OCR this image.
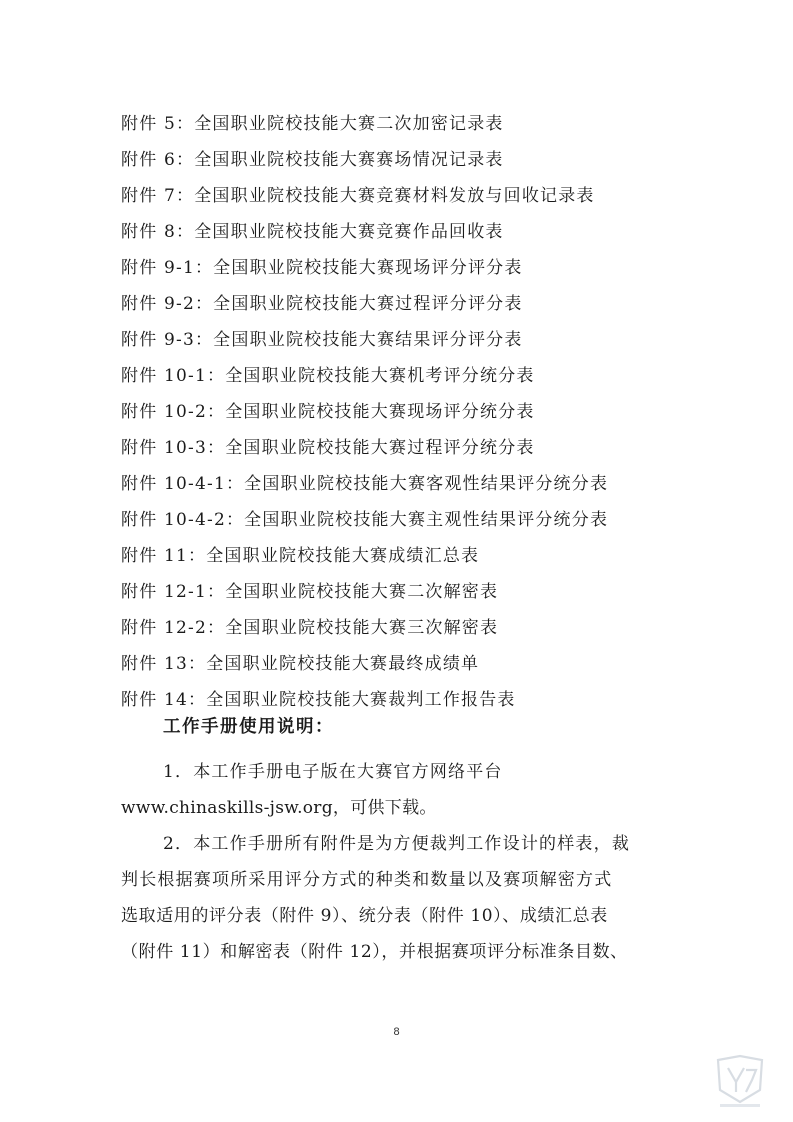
附件 5：全国职业院校技能大赛二次加密记录表
附件 6：全国职业院校技能大赛赛场情况记录表
附件 7：全国职业院校技能大赛竞赛材料发放与回收记录表
附件 8：全国职业院校技能大赛竞赛作品回收表
附件 9-1：全国职业院校技能大赛现场评分评分表
附件 9-2：全国职业院校技能大赛过程评分评分表
附件 9-3：全国职业院校技能大赛结果评分评分表
附件 10-1：全国职业院校技能大赛机考评分统分表
附件 10-2：全国职业院校技能大赛现场评分统分表
附件 10-3：全国职业院校技能大赛过程评分统分表
附件 10-4-1：全国职业院校技能大赛客观性结果评分统分表
附件 10-4-2：全国职业院校技能大赛主观性结果评分统分表
附件 11：全国职业院校技能大赛成绩汇总表
附件 12-1：全国职业院校技能大赛二次解密表
附件 12-2：全国职业院校技能大赛三次解密表
附件 13：全国职业院校技能大赛最终成绩单
附件 14：全国职业院校技能大赛裁判工作报告表
工作手册使用说明：
1．本工作手册电子版在大赛官方网络平台
www.chinaskills-jsw.org，可供下载。
2．本工作手册所有附件是为方便裁判工作设计的样表，裁
判长根据赛项所采用评分方式的种类和数量以及赛项解密方式
选取适用的评分表（附件 9）、统分表（附件 10）、成绩汇总表
（附件 11）和解密表（附件 12），并根据赛项评分标准条目数、
8
